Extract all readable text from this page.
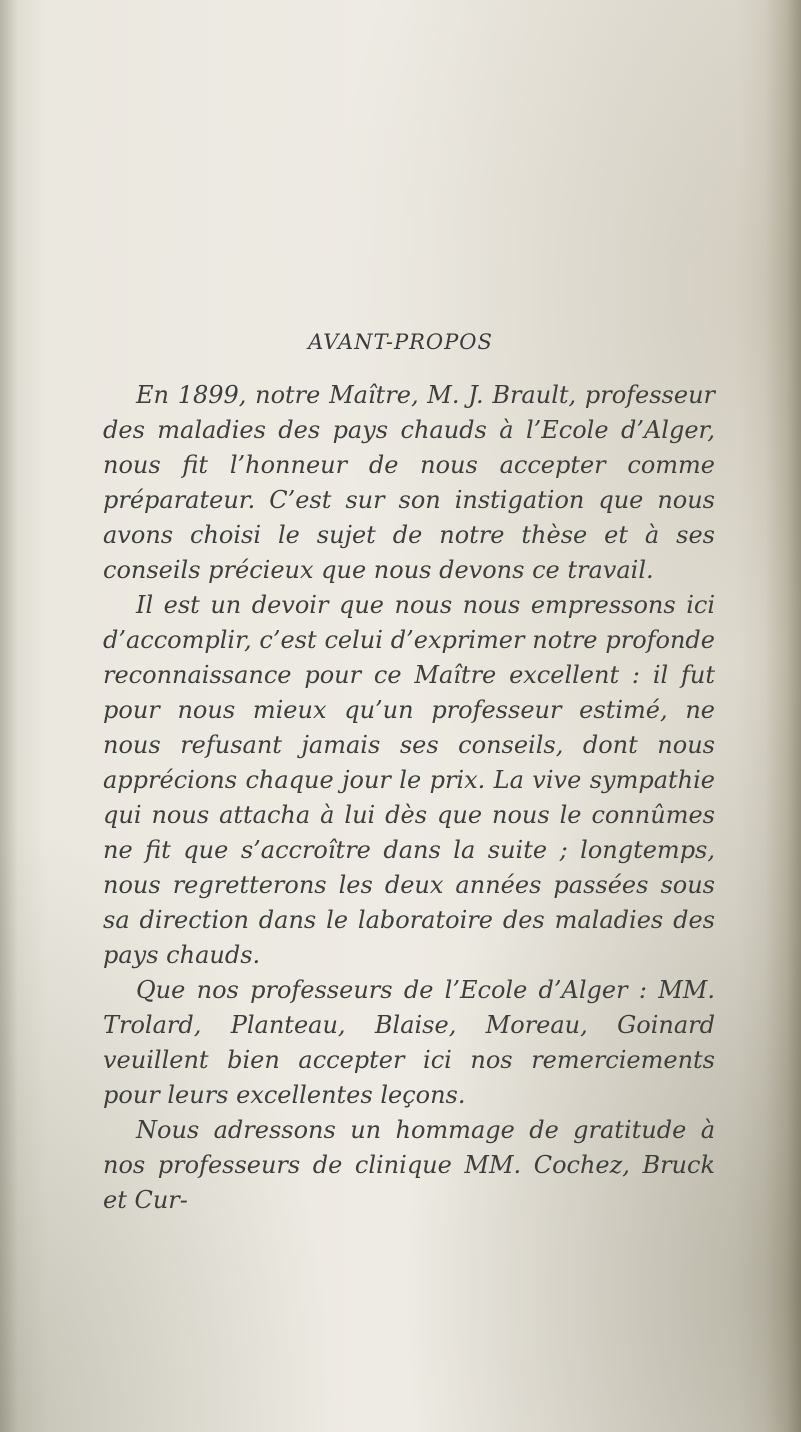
AVANT-PROPOS

En 1899, notre Maître, M. J. Brault, professeur des maladies des pays chauds à l’Ecole d’Alger, nous fit l’honneur de nous accepter comme préparateur. C’est sur son instigation que nous avons choisi le sujet de notre thèse et à ses conseils précieux que nous devons ce travail.

Il est un devoir que nous nous empressons ici d’accomplir, c’est celui d’exprimer notre profonde reconnaissance pour ce Maître excellent : il fut pour nous mieux qu’un professeur estimé, ne nous refusant jamais ses conseils, dont nous apprécions chaque jour le prix. La vive sympathie qui nous attacha à lui dès que nous le connûmes ne fit que s’accroître dans la suite ; longtemps, nous regretterons les deux années passées sous sa direction dans le laboratoire des maladies des pays chauds.

Que nos professeurs de l’Ecole d’Alger : MM. Trolard, Planteau, Blaise, Moreau, Goinard veuillent bien accepter ici nos remerciements pour leurs excellentes leçons.

Nous adressons un hommage de gratitude à nos professeurs de clinique MM. Cochez, Bruck et Cur-
